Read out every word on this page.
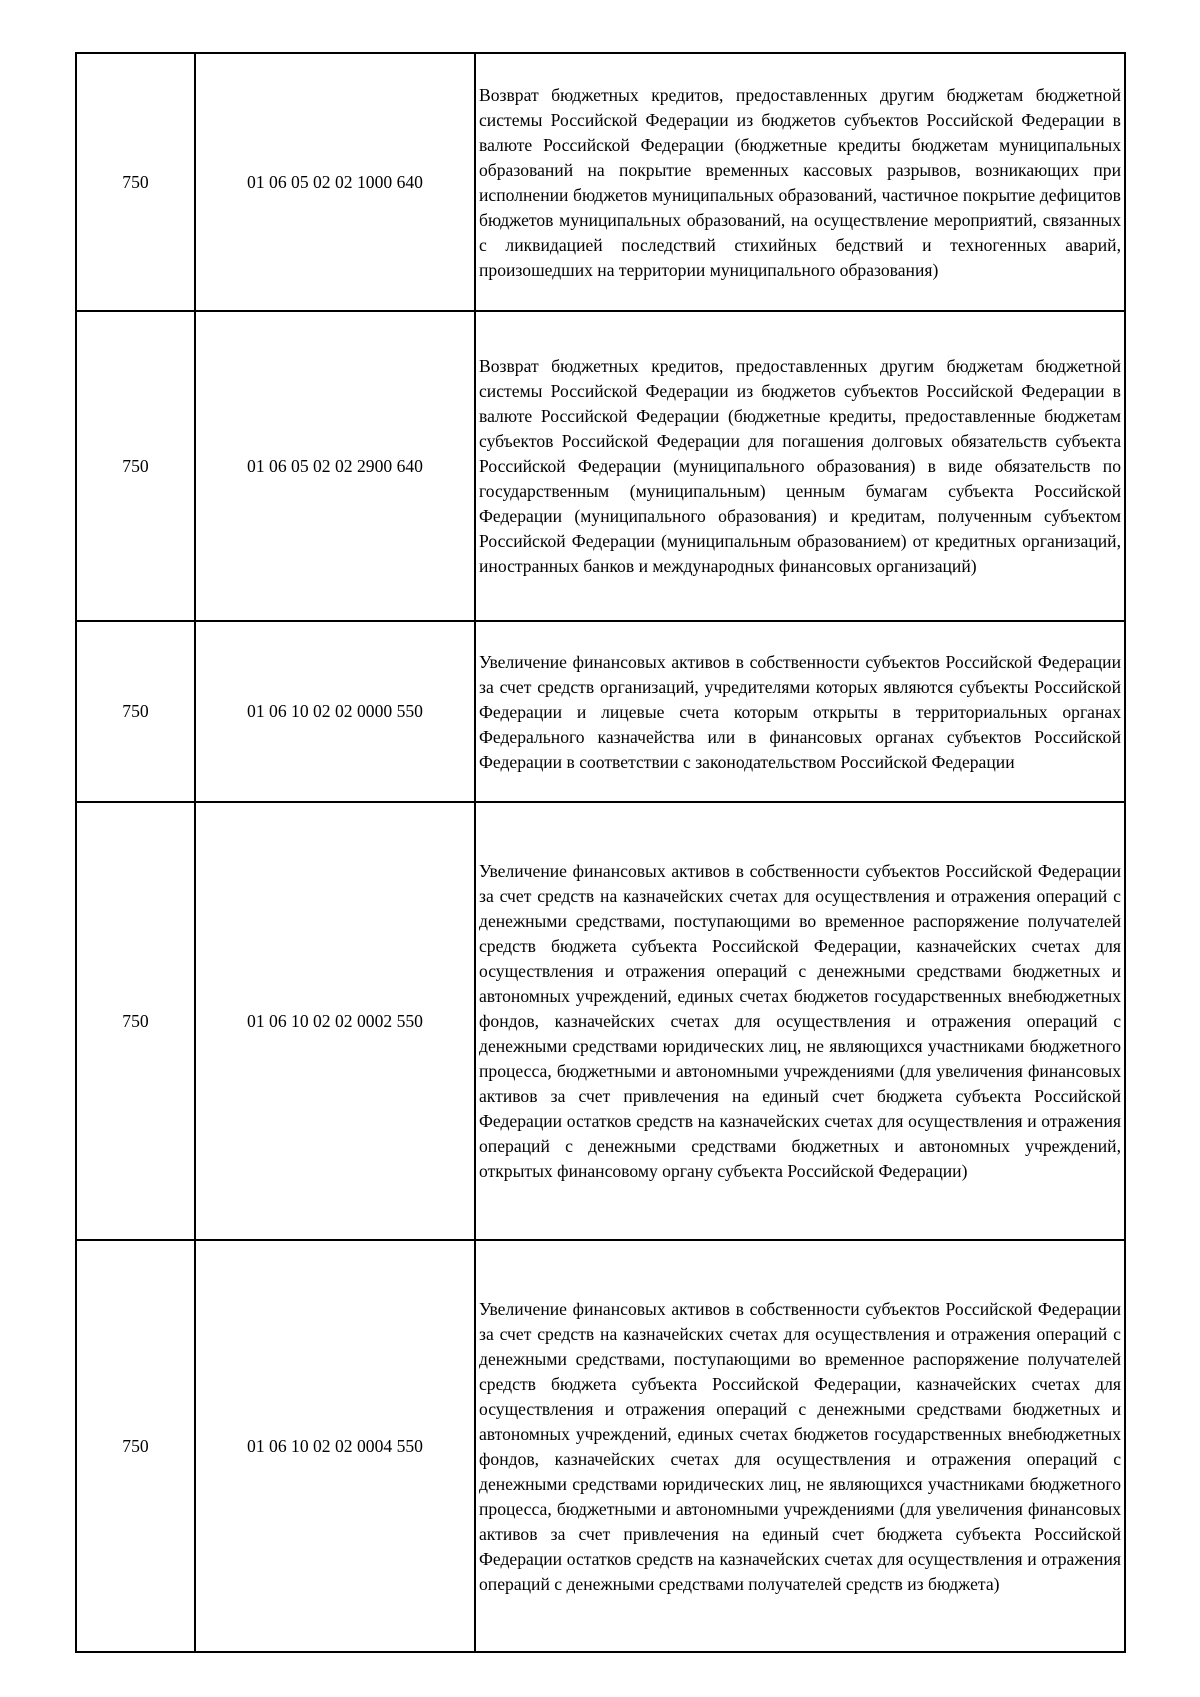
750	01 06 05 02 02 1000 640	Возврат бюджетных кредитов, предоставленных другим бюджетам бюджетной системы Российской Федерации из бюджетов субъектов Российской Федерации в валюте Российской Федерации (бюджетные кредиты бюджетам муниципальных образований на покрытие временных кассовых разрывов, возникающих при исполнении бюджетов муниципальных образований, частичное покрытие дефицитов бюджетов муниципальных образований, на осуществление мероприятий, связанных с ликвидацией последствий стихийных бедствий и техногенных аварий, произошедших на территории муниципального образования)
750	01 06 05 02 02 2900 640	Возврат бюджетных кредитов, предоставленных другим бюджетам бюджетной системы Российской Федерации из бюджетов субъектов Российской Федерации в валюте Российской Федерации (бюджетные кредиты, предоставленные бюджетам субъектов Российской Федерации для погашения долговых обязательств субъекта Российской Федерации (муниципального образования) в виде обязательств по государственным (муниципальным) ценным бумагам субъекта Российской Федерации (муниципального образования) и кредитам, полученным субъектом Российской Федерации (муниципальным образованием) от кредитных организаций, иностранных банков и международных финансовых организаций)
750	01 06 10 02 02 0000 550	Увеличение финансовых активов в собственности субъектов Российской Федерации за счет средств организаций, учредителями которых являются субъекты Российской Федерации и лицевые счета которым открыты в территориальных органах Федерального казначейства или в финансовых органах субъектов Российской Федерации в соответствии с законодательством Российской Федерации
750	01 06 10 02 02 0002 550	Увеличение финансовых активов в собственности субъектов Российской Федерации за счет средств на казначейских счетах для осуществления и отражения операций с денежными средствами, поступающими во временное распоряжение получателей средств бюджета субъекта Российской Федерации, казначейских счетах для осуществления и отражения операций с денежными средствами бюджетных и автономных учреждений, единых счетах бюджетов государственных внебюджетных фондов, казначейских счетах для осуществления и отражения операций с денежными средствами юридических лиц, не являющихся участниками бюджетного процесса, бюджетными и автономными учреждениями (для увеличения финансовых активов за счет привлечения на единый счет бюджета субъекта Российской Федерации остатков средств на казначейских счетах для осуществления и отражения операций с денежными средствами бюджетных и автономных учреждений, открытых финансовому органу субъекта Российской Федерации)
750	01 06 10 02 02 0004 550	Увеличение финансовых активов в собственности субъектов Российской Федерации за счет средств на казначейских счетах для осуществления и отражения операций с денежными средствами, поступающими во временное распоряжение получателей средств бюджета субъекта Российской Федерации, казначейских счетах для осуществления и отражения операций с денежными средствами бюджетных и автономных учреждений, единых счетах бюджетов государственных внебюджетных фондов, казначейских счетах для осуществления и отражения операций с денежными средствами юридических лиц, не являющихся участниками бюджетного процесса, бюджетными и автономными учреждениями (для увеличения финансовых активов за счет привлечения на единый счет бюджета субъекта Российской Федерации остатков средств на казначейских счетах для осуществления и отражения операций с денежными средствами получателей средств из бюджета)
